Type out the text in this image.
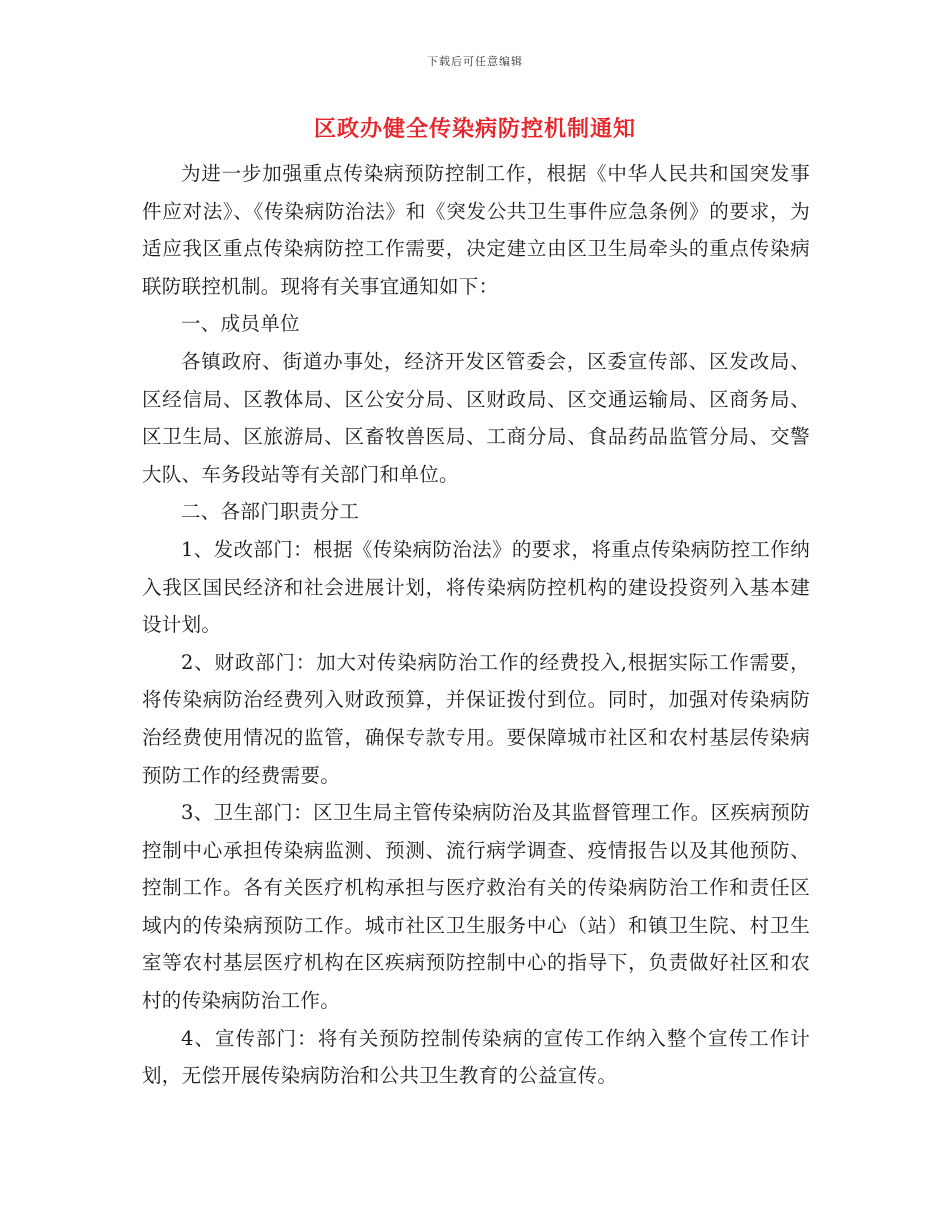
下载后可任意编辑
区政办健全传染病防控机制通知

为进一步加强重点传染病预防控制工作，根据《中华人民共和国突发事件应对法》、《传染病防治法》和《突发公共卫生事件应急条例》的要求，为适应我区重点传染病防控工作需要，决定建立由区卫生局牵头的重点传染病联防联控机制。现将有关事宜通知如下：

一、成员单位

各镇政府、街道办事处，经济开发区管委会，区委宣传部、区发改局、区经信局、区教体局、区公安分局、区财政局、区交通运输局、区商务局、区卫生局、区旅游局、区畜牧兽医局、工商分局、食品药品监管分局、交警大队、车务段站等有关部门和单位。

二、各部门职责分工

1、发改部门：根据《传染病防治法》的要求，将重点传染病防控工作纳入我区国民经济和社会进展计划，将传染病防控机构的建设投资列入基本建设计划。

2、财政部门：加大对传染病防治工作的经费投入,根据实际工作需要，将传染病防治经费列入财政预算，并保证拨付到位。同时，加强对传染病防治经费使用情况的监管，确保专款专用。要保障城市社区和农村基层传染病预防工作的经费需要。

3、卫生部门：区卫生局主管传染病防治及其监督管理工作。区疾病预防控制中心承担传染病监测、预测、流行病学调查、疫情报告以及其他预防、控制工作。各有关医疗机构承担与医疗救治有关的传染病防治工作和责任区域内的传染病预防工作。城市社区卫生服务中心（站）和镇卫生院、村卫生室等农村基层医疗机构在区疾病预防控制中心的指导下，负责做好社区和农村的传染病防治工作。

4、宣传部门：将有关预防控制传染病的宣传工作纳入整个宣传工作计划，无偿开展传染病防治和公共卫生教育的公益宣传。
